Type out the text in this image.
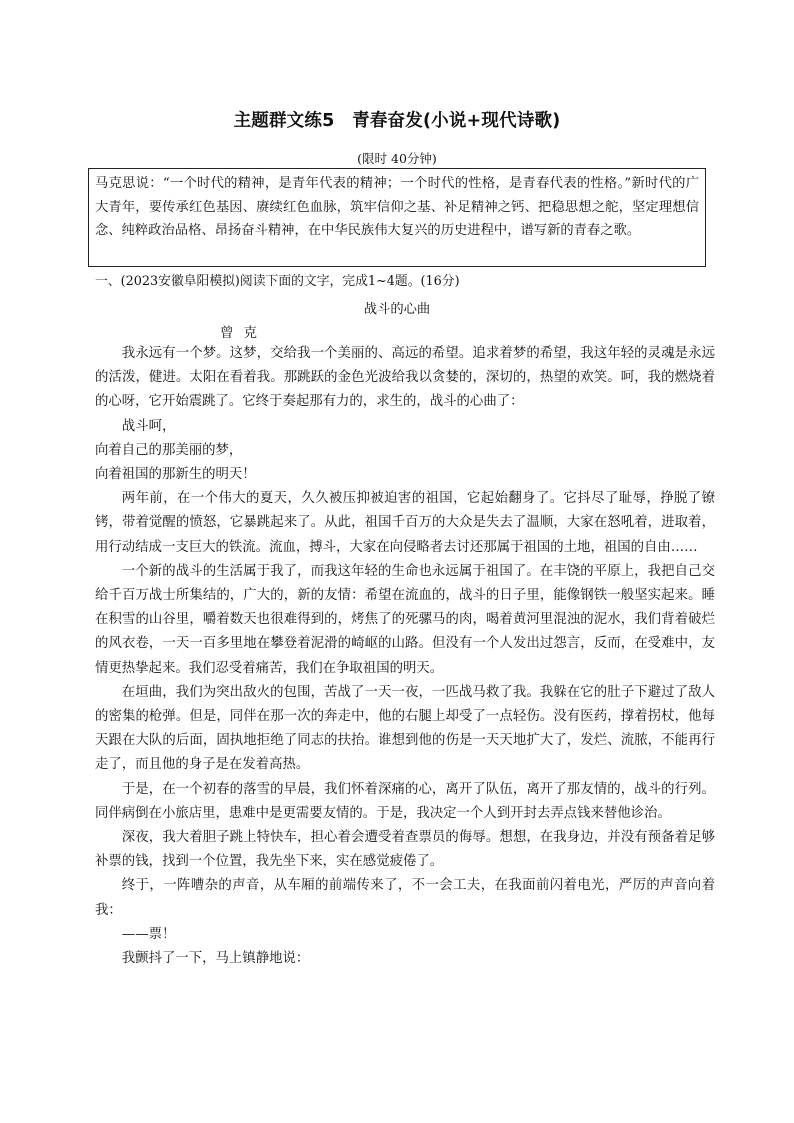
主题群文练5　青春奋发(小说+现代诗歌)
(限时 40分钟)
马克思说：“一个时代的精神，是青年代表的精神；一个时代的性格，是青春代表的性格。”新时代的广大青年，要传承红色基因、赓续红色血脉，筑牢信仰之基、补足精神之钙、把稳思想之舵，坚定理想信念、纯粹政治品格、昂扬奋斗精神，在中华民族伟大复兴的历史进程中，谱写新的青春之歌。
一、(2023安徽阜阳模拟)阅读下面的文字，完成1~4题。(16分)
战斗的心曲
曾克

我永远有一个梦。这梦，交给我一个美丽的、高远的希望。追求着梦的希望，我这年轻的灵魂是永远的活泼，健进。太阳在看着我。那跳跃的金色光波给我以贪婪的，深切的，热望的欢笑。呵，我的燃烧着的心呀，它开始震跳了。它终于奏起那有力的，求生的，战斗的心曲了：

战斗呵，

向着自己的那美丽的梦，

向着祖国的那新生的明天！

两年前，在一个伟大的夏天，久久被压抑被迫害的祖国，它起始翻身了。它抖尽了耻辱，挣脱了镣铐，带着觉醒的愤怒，它暴跳起来了。从此，祖国千百万的大众是失去了温顺，大家在怒吼着，进取着，用行动结成一支巨大的铁流。流血，搏斗，大家在向侵略者去讨还那属于祖国的土地，祖国的自由……

一个新的战斗的生活属于我了，而我这年轻的生命也永远属于祖国了。在丰饶的平原上，我把自己交给千百万战士所集结的，广大的，新的友情：希望在流血的，战斗的日子里，能像钢铁一般坚实起来。睡在积雪的山谷里，嚼着数天也很难得到的，烤焦了的死骡马的肉，喝着黄河里混浊的泥水，我们背着破烂的风衣卷，一天一百多里地在攀登着泥滑的崎岖的山路。但没有一个人发出过怨言，反而，在受难中，友情更热挚起来。我们忍受着痛苦，我们在争取祖国的明天。

在垣曲，我们为突出敌火的包围，苦战了一天一夜，一匹战马救了我。我躲在它的肚子下避过了敌人的密集的枪弹。但是，同伴在那一次的奔走中，他的右腿上却受了一点轻伤。没有医药，撑着拐杖，他每天跟在大队的后面，固执地拒绝了同志的扶抬。谁想到他的伤是一天天地扩大了，发烂、流脓，不能再行走了，而且他的身子是在发着高热。

于是，在一个初春的落雪的早晨，我们怀着深痛的心，离开了队伍，离开了那友情的，战斗的行列。同伴病倒在小旅店里，患难中是更需要友情的。于是，我决定一个人到开封去弄点钱来替他诊治。

深夜，我大着胆子跳上特快车，担心着会遭受着查票员的侮辱。想想，在我身边，并没有预备着足够补票的钱，找到一个位置，我先坐下来，实在感觉疲倦了。

终于，一阵嘈杂的声音，从车厢的前端传来了，不一会工夫，在我面前闪着电光，严厉的声音向着我：

——票！

我颤抖了一下，马上镇静地说：
